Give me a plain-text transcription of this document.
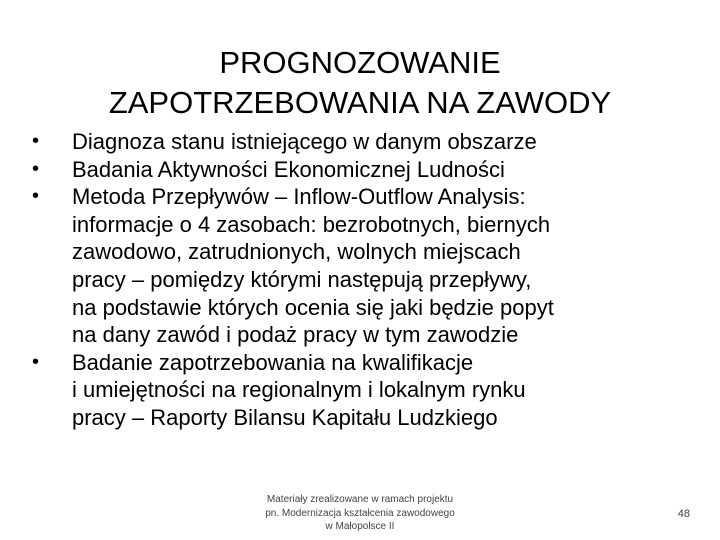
PROGNOZOWANIE
ZAPOTRZEBOWANIA NA ZAWODY
• Diagnoza stanu istniejącego w danym obszarze
• Badania Aktywności Ekonomicznej Ludności
• Metoda Przepływów – Inflow-Outflow Analysis:
informacje o 4 zasobach: bezrobotnych, biernych
zawodowo, zatrudnionych, wolnych miejscach
pracy – pomiędzy którymi następują przepływy,
na podstawie których ocenia się jaki będzie popyt
na dany zawód i podaż pracy w tym zawodzie
• Badanie zapotrzebowania na kwalifikacje
i umiejętności na regionalnym i lokalnym rynku
pracy – Raporty Bilansu Kapitału Ludzkiego
Materiały zrealizowane w ramach projektu
pn. Modernizacja kształcenia zawodowego
w Małopolsce II
48
